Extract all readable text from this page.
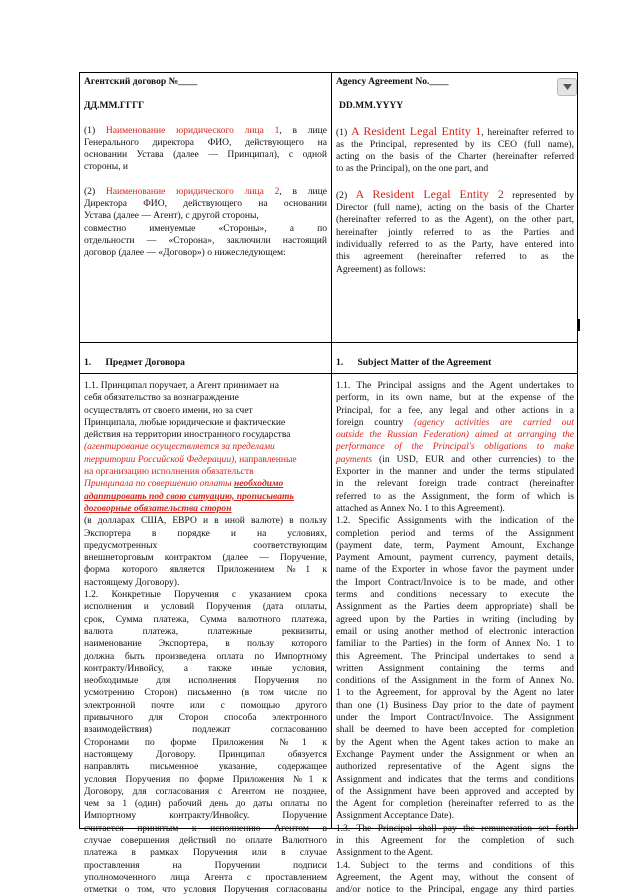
Агентский договор №____
ДД.ММ.ГГГГ
(1) Наименование юридического лица 1, в лице
Генерального директора ФИО, действующего на
основании Устава (далее — Принципал), с одной
стороны, и
(2) Наименование юридического лица 2, в лице
Директора ФИО, действующего на основании
Устава (далее — Агент), с другой стороны,
совместно именуемые «Стороны», а по
отдельности — «Сторона», заключили настоящий
договор (далее — «Договор») о нижеследующем:
1. Предмет Договора
1.1. Принципал поручает, а Агент принимает на
себя обязательство за вознаграждение
осуществлять от своего имени, но за счет
Принципала, любые юридические и фактические
действия на территории иностранного государства
(агентирование осуществляется за пределами
территории Российской Федерации), направленные
на организацию исполнения обязательств
Принципала по совершению оплаты необходимо
адаптировать под свою ситуацию, прописывать
договорные обязательства сторон
(в долларах США, ЕВРО и в иной валюте) в пользу
Экспортера в порядке и на условиях,
предусмотренных соответствующим
внешнеторговым контрактом (далее — Поручение,
форма которого является Приложением №1 к
настоящему Договору).
1.2. Конкретные Поручения с указанием срока
исполнения и условий Поручения (дата оплаты,
срок, Сумма платежа, Сумма валютного платежа,
валюта платежа, платежные реквизиты,
наименование Экспортера, в пользу которого
должна быть произведена оплата по Импортному
контракту/Инвойсу, а также иные условия,
необходимые для исполнения Поручения по
усмотрению Сторон) письменно (в том числе по
электронной почте или с помощью другого
привычного для Сторон способа электронного
взаимодействия) подлежат согласованию
Сторонами по форме Приложения №1 к
настоящему Договору. Принципал обязуется
направлять письменное указание, содержащее
условия Поручения по форме Приложения №1 к
Договору, для согласования с Агентом не позднее,
чем за 1 (один) рабочий день до даты оплаты по
Импортному контракту/Инвойсу. Поручение
считается принятым к исполнению Агентом в
случае совершения действий по оплате Валютного
платежа в рамках Поручения или в случае
проставления на Поручении подписи
уполномоченного лица Агента с проставлением
отметки о том, что условия Поручения согласованы
Agency Agreement No.____
DD.MM.YYYY
(1) A Resident Legal Entity 1, hereinafter referred to
as the Principal, represented by its CEO (full name),
acting on the basis of the Charter (hereinafter referred
to as the Principal), on the one part, and
(2) A Resident Legal Entity 2 represented by
Director (full name), acting on the basis of the Charter
(hereinafter referred to as the Agent), on the other part,
hereinafter jointly referred to as the Parties and
individually referred to as the Party, have entered into
this agreement (hereinafter referred to as the
Agreement) as follows:
1. Subject Matter of the Agreement
1.1. The Principal assigns and the Agent undertakes to
perform, in its own name, but at the expense of the
Principal, for a fee, any legal and other actions in a
foreign country (agency activities are carried out
outside the Russian Federation) aimed at arranging the
performance of the Principal's obligations to make
payments (in USD, EUR and other currencies) to the
Exporter in the manner and under the terms stipulated
in the relevant foreign trade contract (hereinafter
referred to as the Assignment, the form of which is
attached as Annex No. 1 to this Agreement).
1.2. Specific Assignments with the indication of the
completion period and terms of the Assignment
(payment date, term, Payment Amount, Exchange
Payment Amount, payment currency, payment details,
name of the Exporter in whose favor the payment under
the Import Contract/Invoice is to be made, and other
terms and conditions necessary to execute the
Assignment as the Parties deem appropriate) shall be
agreed upon by the Parties in writing (including by
email or using another method of electronic interaction
familiar to the Parties) in the form of Annex No. 1 to
this Agreement. The Principal undertakes to send a
written Assignment containing the terms and
conditions of the Assignment in the form of Annex No.
1 to the Agreement, for approval by the Agent no later
than one (1) Business Day prior to the date of payment
under the Import Contract/Invoice. The Assignment
shall be deemed to have been accepted for completion
by the Agent when the Agent takes action to make an
Exchange Payment under the Assignment or when an
authorized representative of the Agent signs the
Assignment and indicates that the terms and conditions
of the Assignment have been approved and accepted by
the Agent for completion (hereinafter referred to as the
Assignment Acceptance Date).
1.3. The Principal shall pay the remuneration set forth
in this Agreement for the completion of such
Assignment to the Agent.
1.4. Subject to the terms and conditions of this
Agreement, the Agent may, without the consent of
and/or notice to the Principal, engage any third parties
